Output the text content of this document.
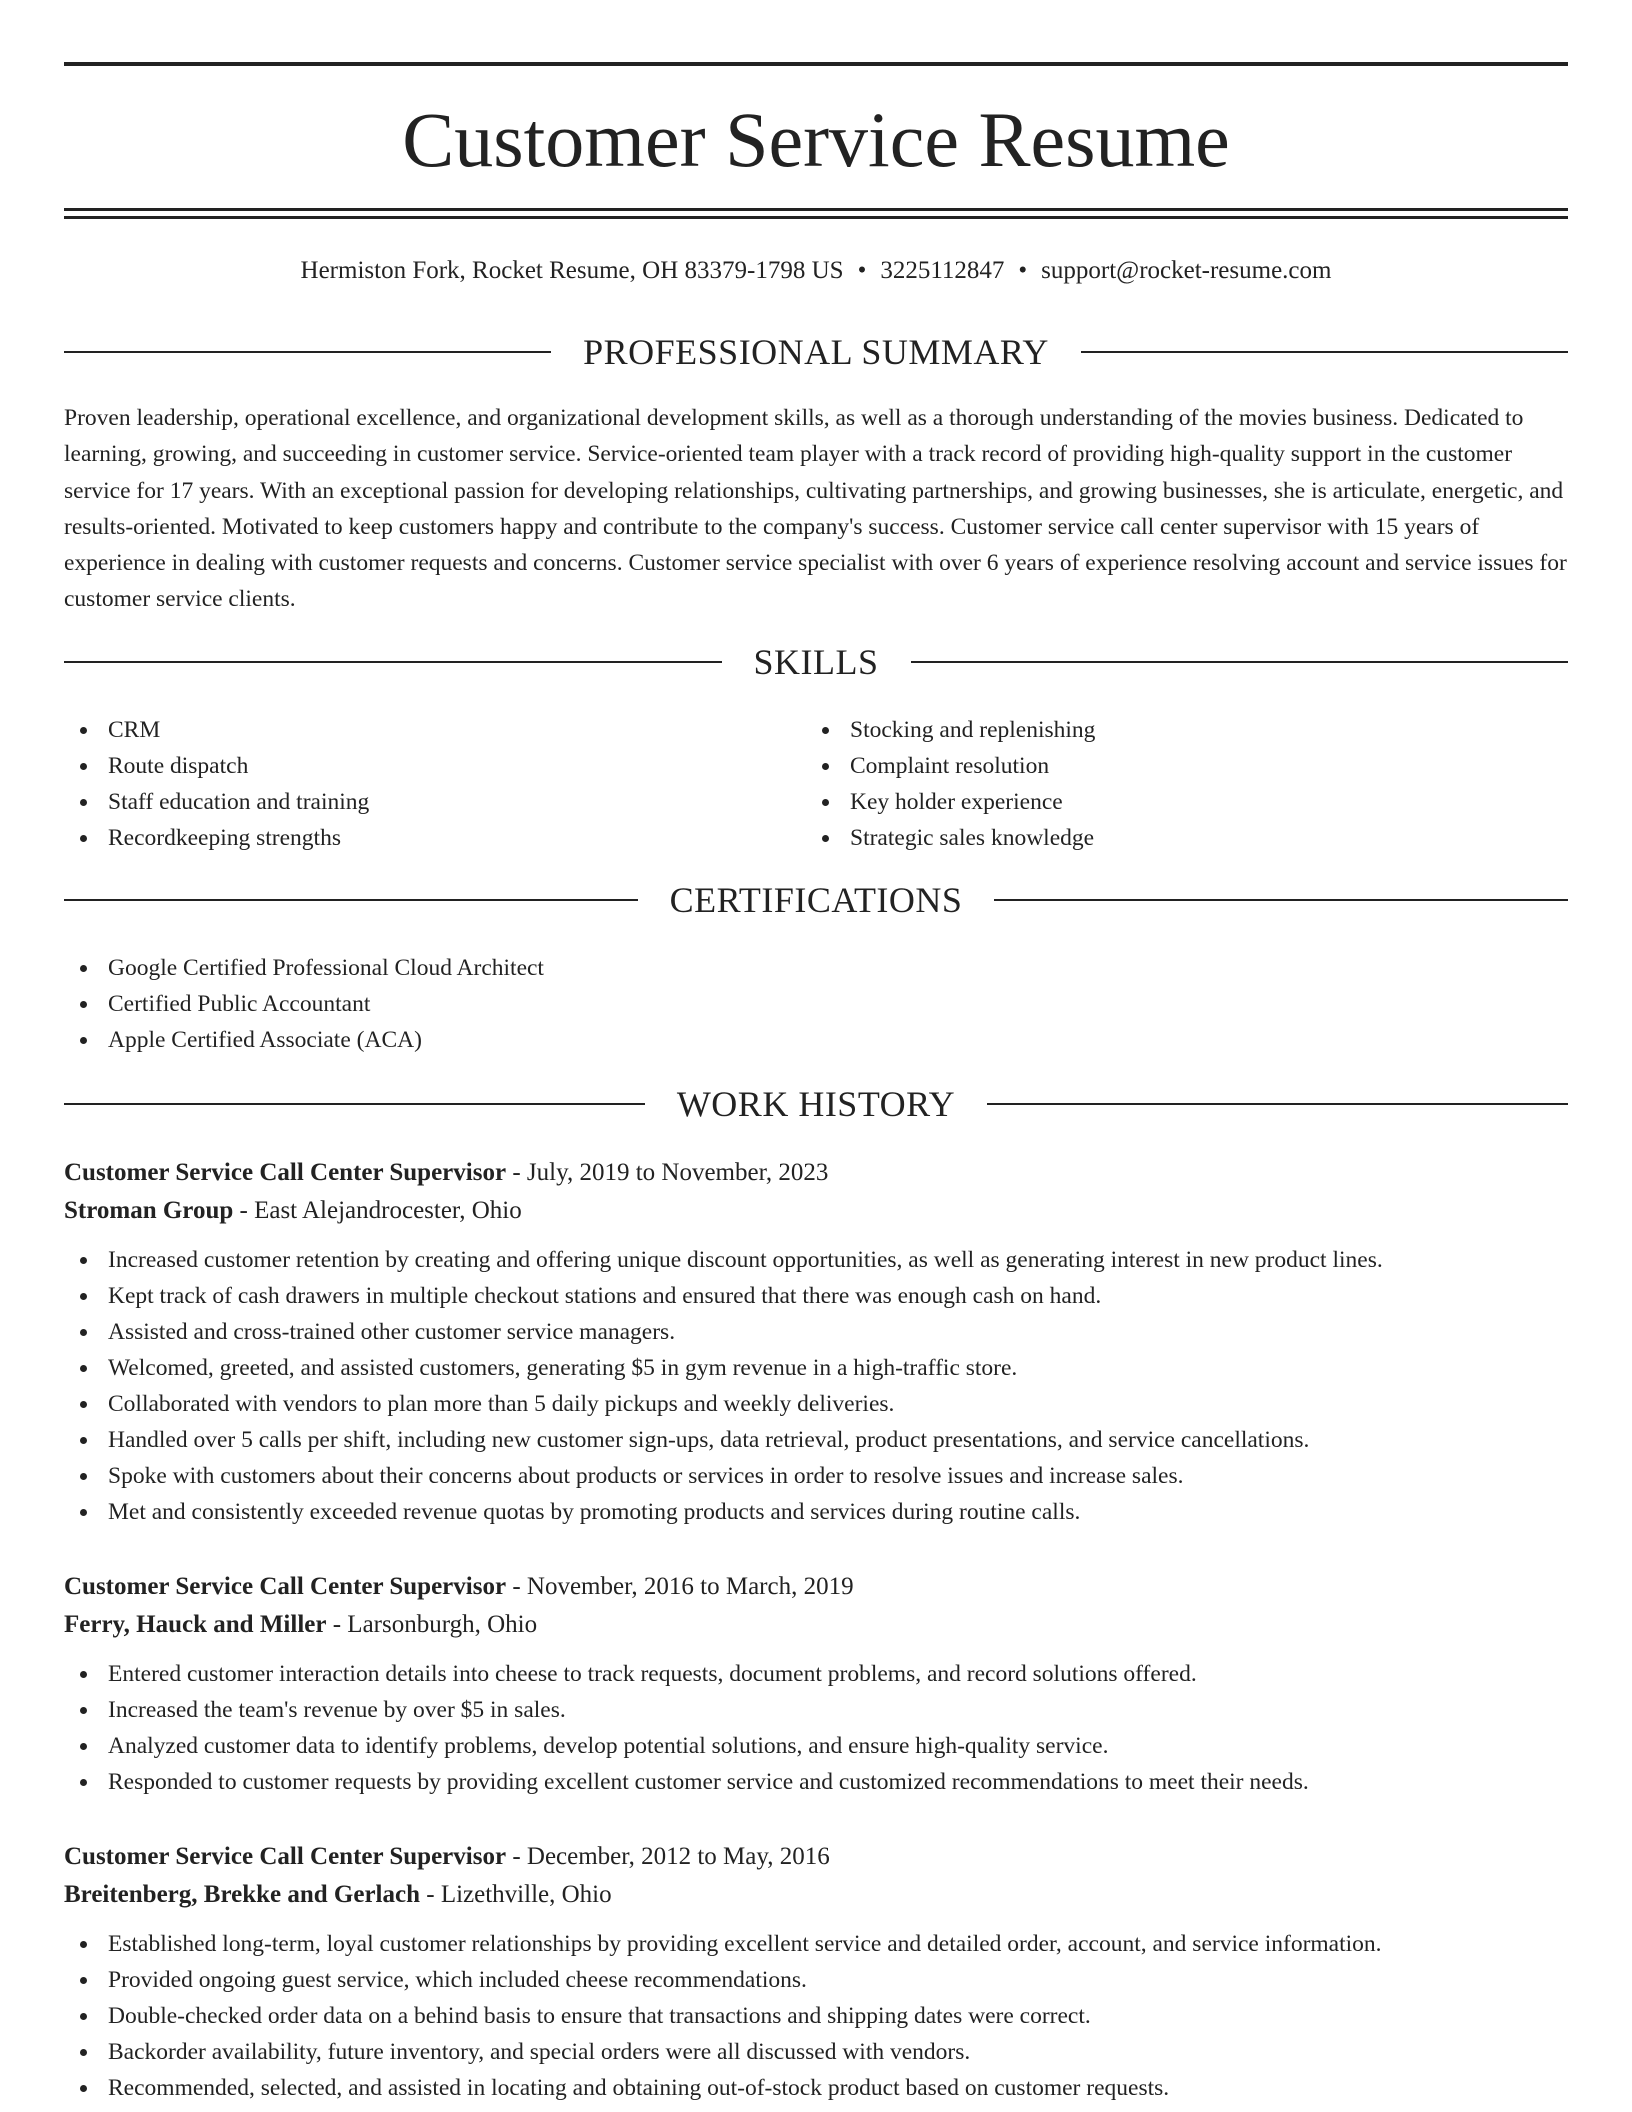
Customer Service Resume
Hermiston Fork, Rocket Resume, OH 83379-1798 US • 3225112847 • support@rocket-resume.com
PROFESSIONAL SUMMARY

Proven leadership, operational excellence, and organizational development skills, as well as a thorough understanding of the movies business. Dedicated to learning, growing, and succeeding in customer service. Service-oriented team player with a track record of providing high-quality support in the customer service for 17 years. With an exceptional passion for developing relationships, cultivating partnerships, and growing businesses, she is articulate, energetic, and results-oriented. Motivated to keep customers happy and contribute to the company's success. Customer service call center supervisor with 15 years of experience in dealing with customer requests and concerns. Customer service specialist with over 6 years of experience resolving account and service issues for customer service clients.

SKILLS
CRM
Route dispatch
Staff education and training
Recordkeeping strengths
Stocking and replenishing
Complaint resolution
Key holder experience
Strategic sales knowledge
CERTIFICATIONS
Google Certified Professional Cloud Architect
Certified Public Accountant
Apple Certified Associate (ACA)
WORK HISTORY
Customer Service Call Center Supervisor - July, 2019 to November, 2023
Stroman Group - East Alejandrocester, Ohio
Increased customer retention by creating and offering unique discount opportunities, as well as generating interest in new product lines.
Kept track of cash drawers in multiple checkout stations and ensured that there was enough cash on hand.
Assisted and cross-trained other customer service managers.
Welcomed, greeted, and assisted customers, generating $5 in gym revenue in a high-traffic store.
Collaborated with vendors to plan more than 5 daily pickups and weekly deliveries.
Handled over 5 calls per shift, including new customer sign-ups, data retrieval, product presentations, and service cancellations.
Spoke with customers about their concerns about products or services in order to resolve issues and increase sales.
Met and consistently exceeded revenue quotas by promoting products and services during routine calls.
Customer Service Call Center Supervisor - November, 2016 to March, 2019
Ferry, Hauck and Miller - Larsonburgh, Ohio
Entered customer interaction details into cheese to track requests, document problems, and record solutions offered.
Increased the team's revenue by over $5 in sales.
Analyzed customer data to identify problems, develop potential solutions, and ensure high-quality service.
Responded to customer requests by providing excellent customer service and customized recommendations to meet their needs.
Customer Service Call Center Supervisor - December, 2012 to May, 2016
Breitenberg, Brekke and Gerlach - Lizethville, Ohio
Established long-term, loyal customer relationships by providing excellent service and detailed order, account, and service information.
Provided ongoing guest service, which included cheese recommendations.
Double-checked order data on a behind basis to ensure that transactions and shipping dates were correct.
Backorder availability, future inventory, and special orders were all discussed with vendors.
Recommended, selected, and assisted in locating and obtaining out-of-stock product based on customer requests.
